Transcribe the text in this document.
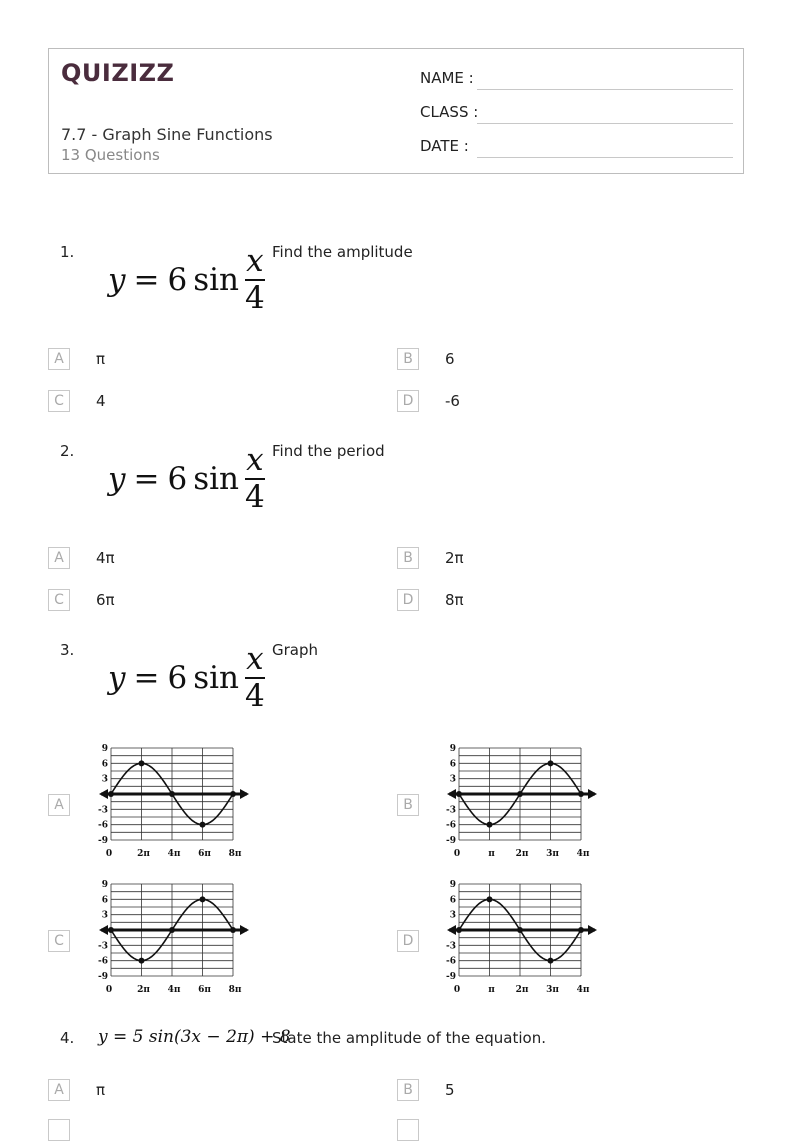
QUIZIZZ
7.7 - Graph Sine Functions
13 Questions
NAME :
CLASS :
DATE :
1.
y = 6 $\sin \frac{x}{4}$ Find the amplitude
A	π	B	6
C	4	D	-6
2.
y = 6 $\sin \frac{x}{4}$ Find the period
A	4π	B	2π
C	6π	D	8π
3.
y = 6 $\sin \frac{x}{4}$ Graph
A
9
6
3
-3
-6
-9
0	2π 4π 6π 8π
B
9
6
3
-3
-6
-9
0	π 2π 3π 4π
C
9
6
3
-3
-6
-9
0	2π 4π 6π 8π
D
9
6
3
-3
-6
-9
0	π 2π 3π 4π
4. y = 5 sin(3x − 2π) + 8
State the amplitude of the equation.
A	π	B	5
